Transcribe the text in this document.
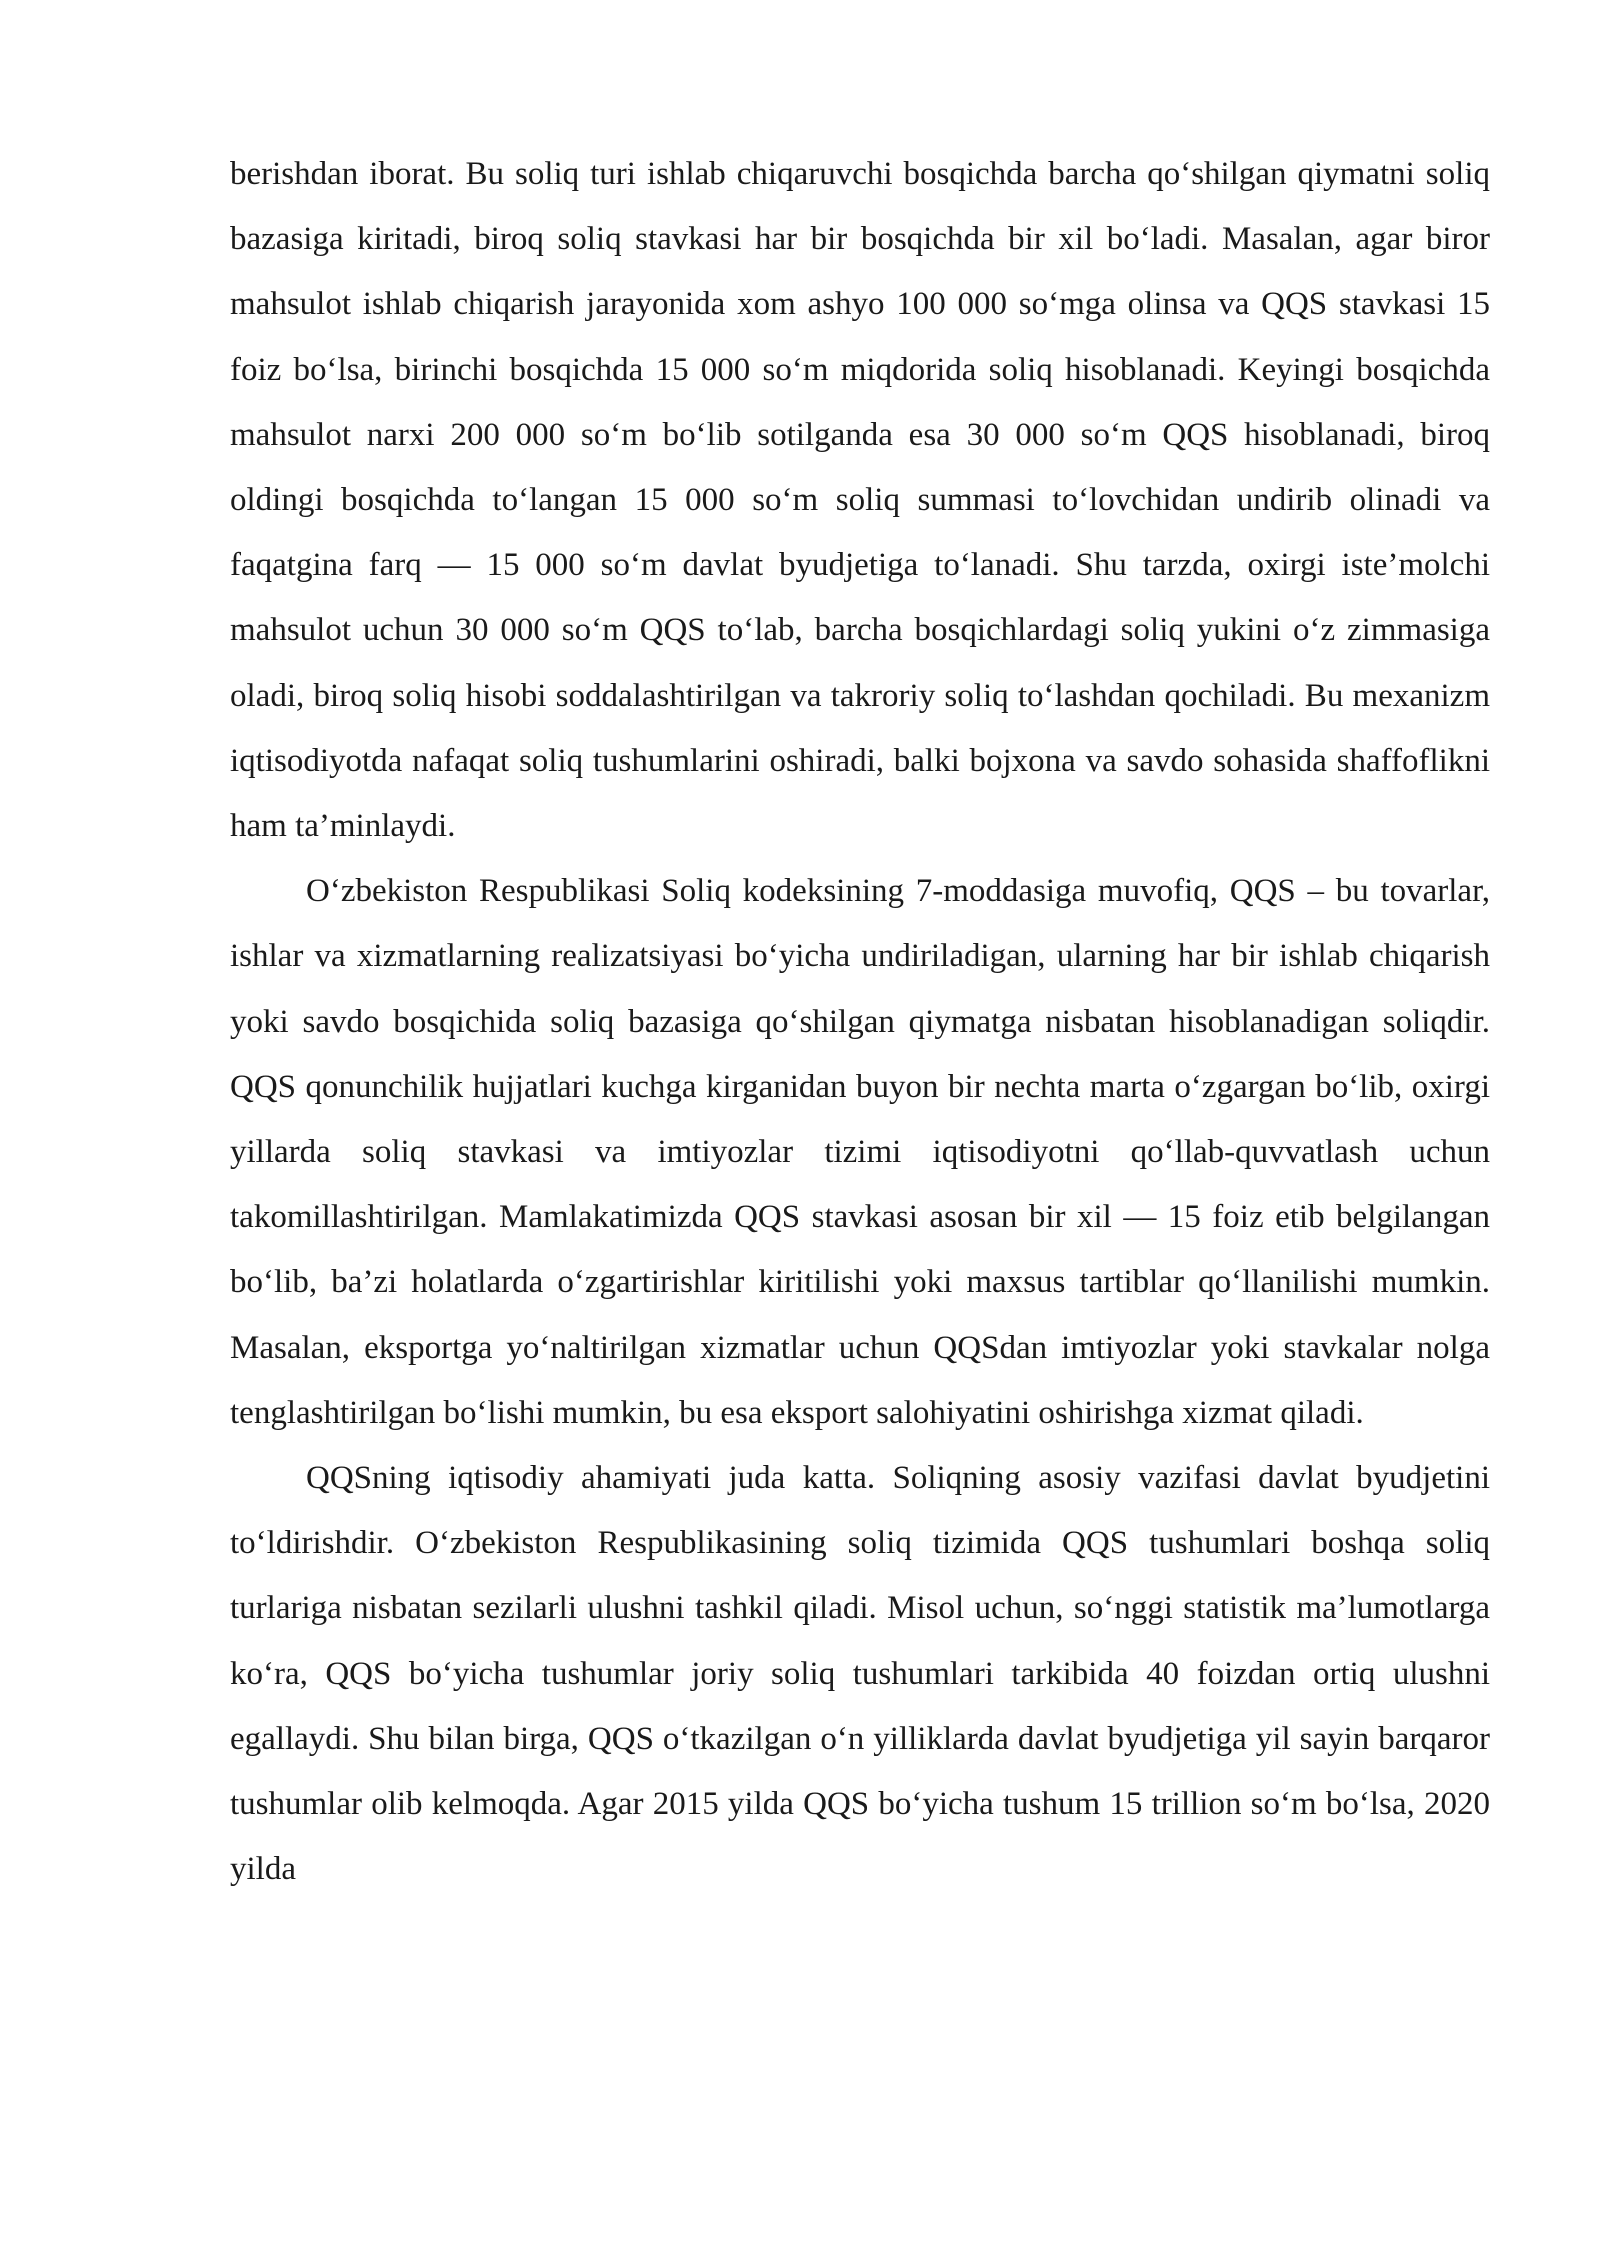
berishdan iborat. Bu soliq turi ishlab chiqaruvchi bosqichda barcha qo‘shilgan qiymatni soliq bazasiga kiritadi, biroq soliq stavkasi har bir bosqichda bir xil bo‘ladi. Masalan, agar biror mahsulot ishlab chiqarish jarayonida xom ashyo 100 000 so‘mga olinsa va QQS stavkasi 15 foiz bo‘lsa, birinchi bosqichda 15 000 so‘m miqdorida soliq hisoblanadi. Keyingi bosqichda mahsulot narxi 200 000 so‘m bo‘lib sotilganda esa 30 000 so‘m QQS hisoblanadi, biroq oldingi bosqichda to‘langan 15 000 so‘m soliq summasi to‘lovchidan undirib olinadi va faqatgina farq — 15 000 so‘m davlat byudjetiga to‘lanadi. Shu tarzda, oxirgi iste’molchi mahsulot uchun 30 000 so‘m QQS to‘lab, barcha bosqichlardagi soliq yukini o‘z zimmasiga oladi, biroq soliq hisobi soddalashtirilgan va takroriy soliq to‘lashdan qochiladi. Bu mexanizm iqtisodiyotda nafaqat soliq tushumlarini oshiradi, balki bojxona va savdo sohasida shaffoflikni ham ta’minlaydi.

O‘zbekiston Respublikasi Soliq kodeksining 7-moddasiga muvofiq, QQS – bu tovarlar, ishlar va xizmatlarning realizatsiyasi bo‘yicha undiriladigan, ularning har bir ishlab chiqarish yoki savdo bosqichida soliq bazasiga qo‘shilgan qiymatga nisbatan hisoblanadigan soliqdir. QQS qonunchilik hujjatlari kuchga kirganidan buyon bir nechta marta o‘zgargan bo‘lib, oxirgi yillarda soliq stavkasi va imtiyozlar tizimi iqtisodiyotni qo‘llab-quvvatlash uchun takomillashtirilgan. Mamlakatimizda QQS stavkasi asosan bir xil — 15 foiz etib belgilangan bo‘lib, ba’zi holatlarda o‘zgartirishlar kiritilishi yoki maxsus tartiblar qo‘llanilishi mumkin. Masalan, eksportga yo‘naltirilgan xizmatlar uchun QQSdan imtiyozlar yoki stavkalar nolga tenglashtirilgan bo‘lishi mumkin, bu esa eksport salohiyatini oshirishga xizmat qiladi.

QQSning iqtisodiy ahamiyati juda katta. Soliqning asosiy vazifasi davlat byudjetini to‘ldirishdir. O‘zbekiston Respublikasining soliq tizimida QQS tushumlari boshqa soliq turlariga nisbatan sezilarli ulushni tashkil qiladi. Misol uchun, so‘nggi statistik ma’lumotlarga ko‘ra, QQS bo‘yicha tushumlar joriy soliq tushumlari tarkibida 40 foizdan ortiq ulushni egallaydi. Shu bilan birga, QQS o‘tkazilgan o‘n yilliklarda davlat byudjetiga yil sayin barqaror tushumlar olib kelmoqda. Agar 2015 yilda QQS bo‘yicha tushum 15 trillion so‘m bo‘lsa, 2020 yilda
